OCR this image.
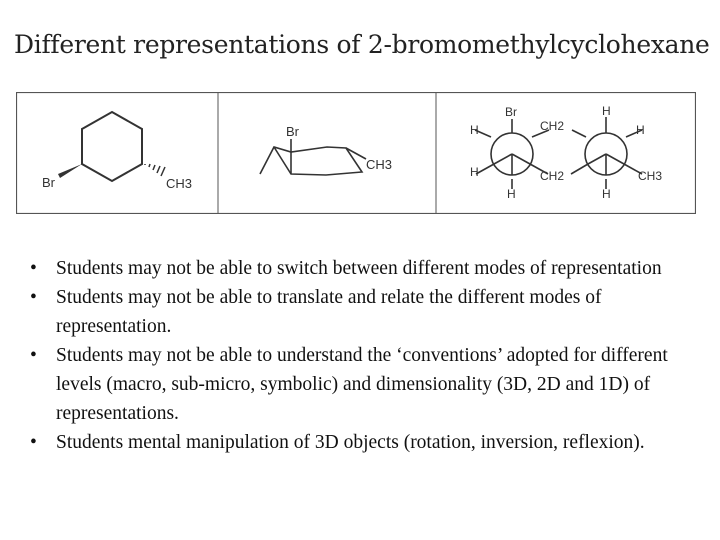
Different representations of 2-bromomethylcyclohexane
Br	CH3
Br
CH3
Br
H	CH2
H	CH2
H
H
H
CH3
H
• Students may not be able to switch between different modes of representation
• Students may not be able to translate and relate the different modes of representation.
• Students may not be able to understand the ‘conventions’ adopted for different levels (macro, sub-micro, symbolic) and dimensionality (3D, 2D and 1D) of representations.
• Students mental manipulation of 3D objects (rotation, inversion, reflexion).
